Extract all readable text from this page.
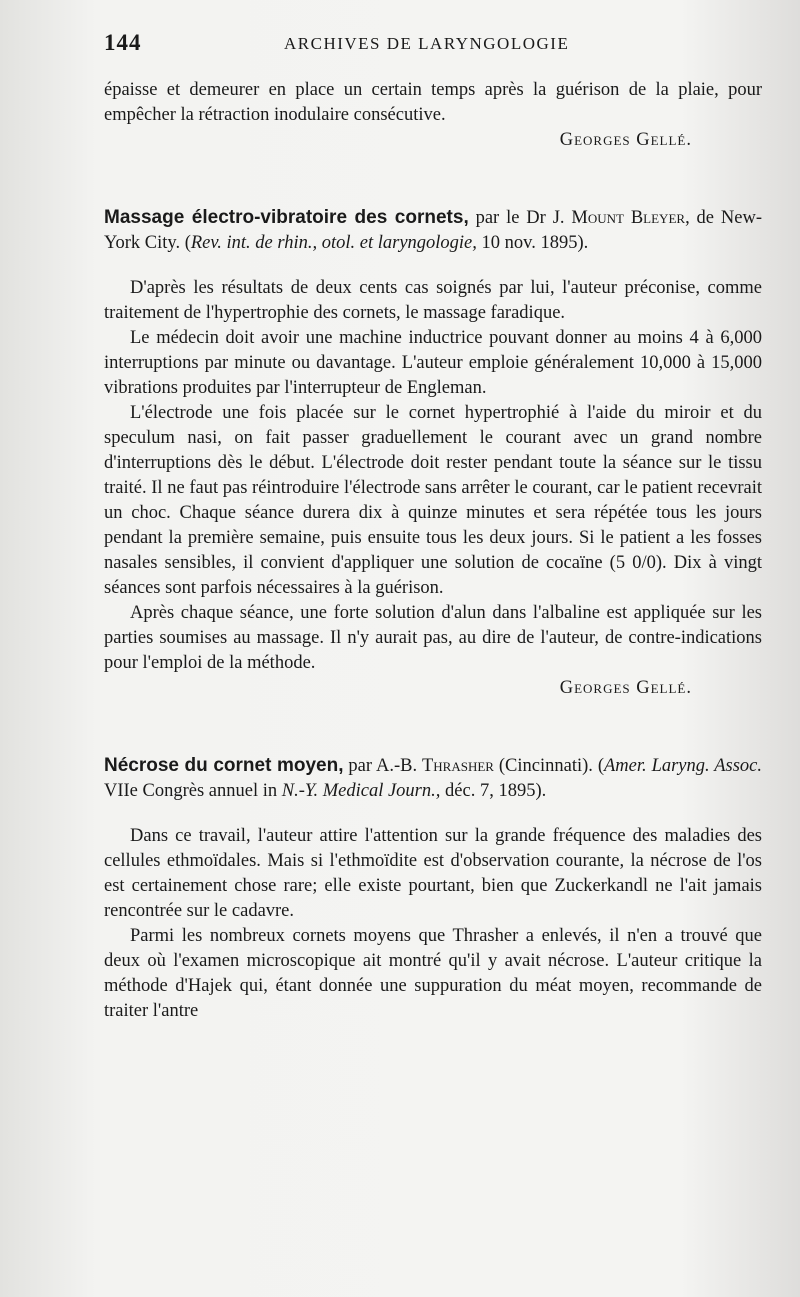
144	ARCHIVES DE LARYNGOLOGIE

épaisse et demeurer en place un certain temps après la guérison de la plaie, pour empêcher la rétraction inodulaire consécutive.

Georges Gellé.

Massage électro-vibratoire des cornets, par le Dr J. Mount Bleyer, de New-York City. (Rev. int. de rhin., otol. et laryngologie, 10 nov. 1895).

D'après les résultats de deux cents cas soignés par lui, l'auteur préconise, comme traitement de l'hypertrophie des cornets, le massage faradique.

Le médecin doit avoir une machine inductrice pouvant donner au moins 4 à 6,000 interruptions par minute ou davantage. L'auteur emploie généralement 10,000 à 15,000 vibrations produites par l'interrupteur de Engleman.

L'électrode une fois placée sur le cornet hypertrophié à l'aide du miroir et du speculum nasi, on fait passer graduellement le courant avec un grand nombre d'interruptions dès le début. L'électrode doit rester pendant toute la séance sur le tissu traité. Il ne faut pas réintroduire l'électrode sans arrêter le courant, car le patient recevrait un choc. Chaque séance durera dix à quinze minutes et sera répétée tous les jours pendant la première semaine, puis ensuite tous les deux jours. Si le patient a les fosses nasales sensibles, il convient d'appliquer une solution de cocaïne (5 0/0). Dix à vingt séances sont parfois nécessaires à la guérison.

Après chaque séance, une forte solution d'alun dans l'albaline est appliquée sur les parties soumises au massage. Il n'y aurait pas, au dire de l'auteur, de contre-indications pour l'emploi de la méthode.

Georges Gellé.

Nécrose du cornet moyen, par A.-B. Thrasher (Cincinnati). (Amer. Laryng. Assoc. VIIe Congrès annuel in N.-Y. Medical Journ., déc. 7, 1895).

Dans ce travail, l'auteur attire l'attention sur la grande fréquence des maladies des cellules ethmoïdales. Mais si l'ethmoïdite est d'observation courante, la nécrose de l'os est certainement chose rare; elle existe pourtant, bien que Zuckerkandl ne l'ait jamais rencontrée sur le cadavre.

Parmi les nombreux cornets moyens que Thrasher a enlevés, il n'en a trouvé que deux où l'examen microscopique ait montré qu'il y avait nécrose. L'auteur critique la méthode d'Hajek qui, étant donnée une suppuration du méat moyen, recommande de traiter l'antre
